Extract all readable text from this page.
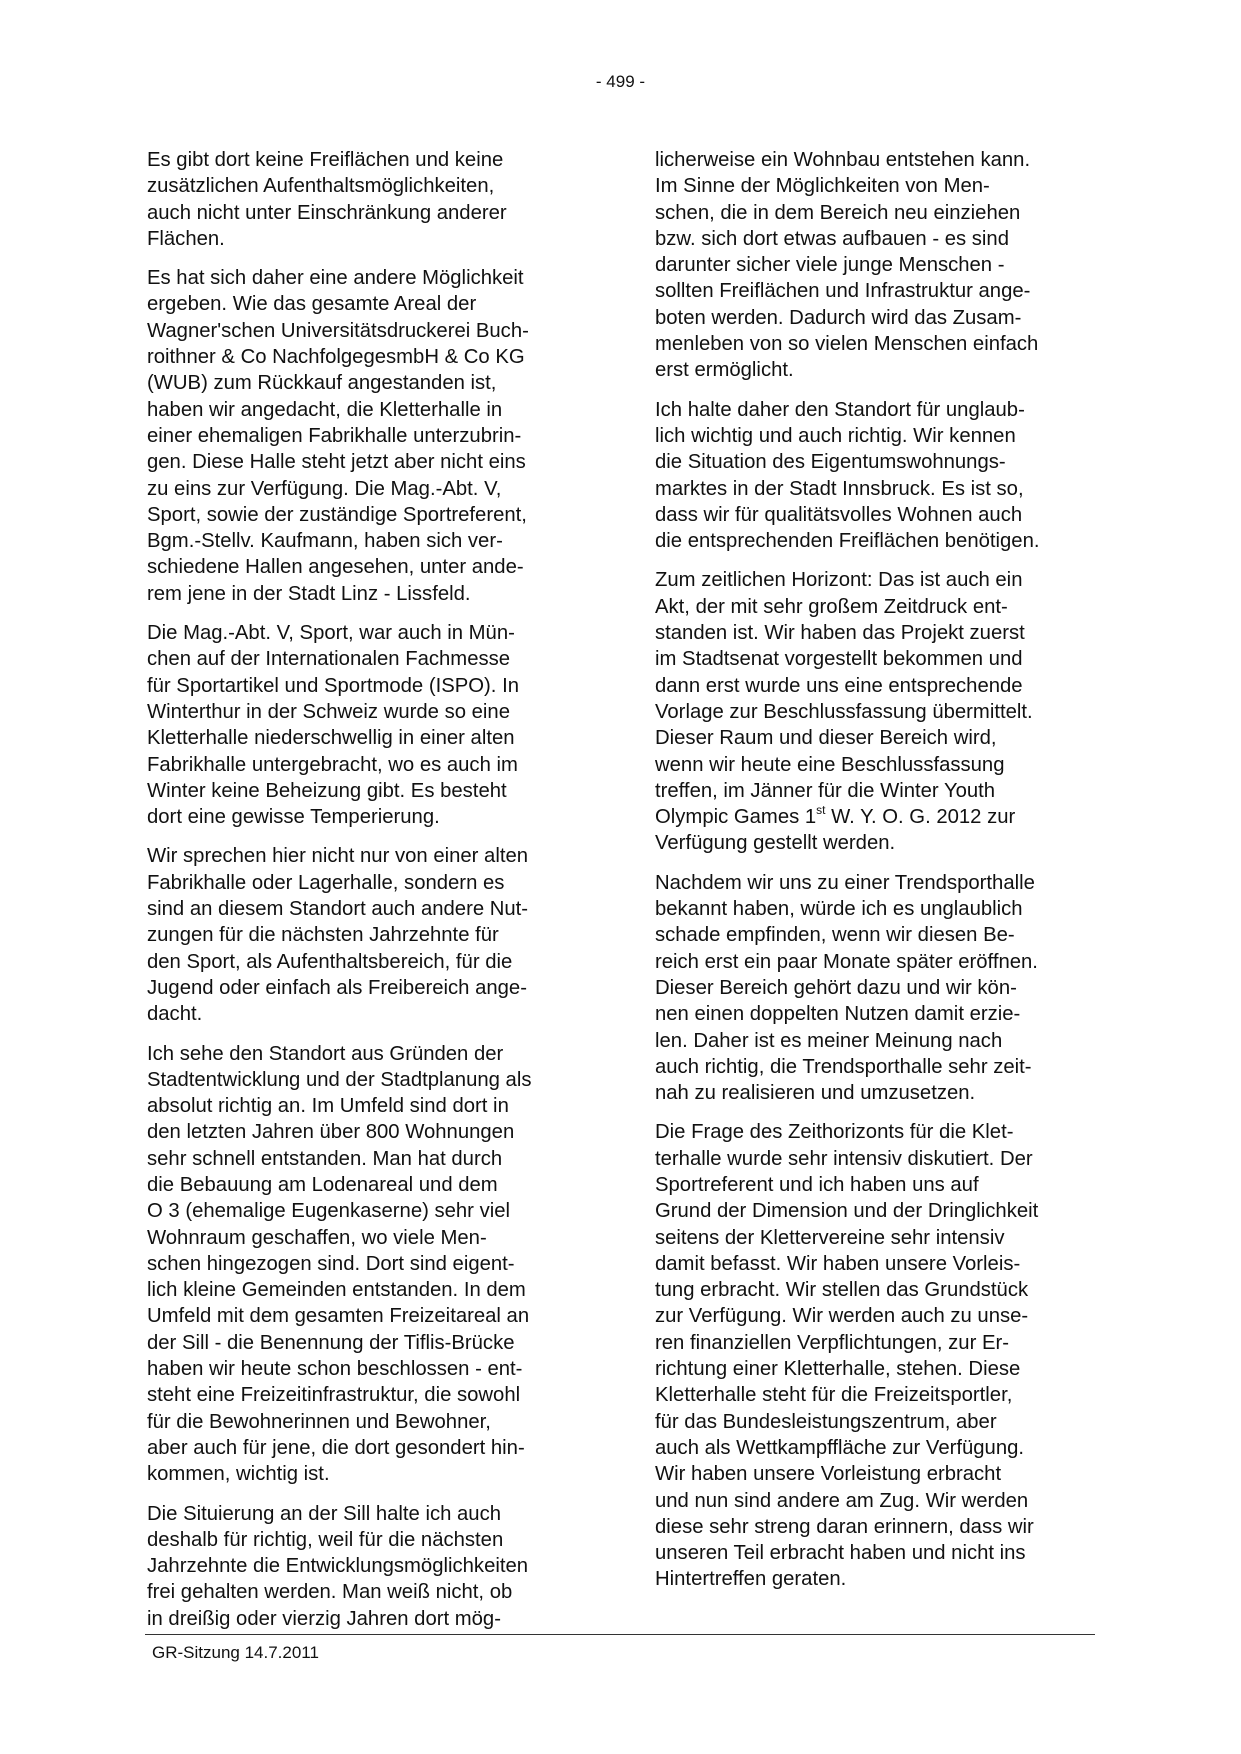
- 499 -

Es gibt dort keine Freiflächen und keine
zusätzlichen Aufenthaltsmöglichkeiten,
auch nicht unter Einschränkung anderer
Flächen.

Es hat sich daher eine andere Möglichkeit
ergeben. Wie das gesamte Areal der
Wagner'schen Universitätsdruckerei Buch-
roithner & Co NachfolgegesmbH & Co KG
(WUB) zum Rückkauf angestanden ist,
haben wir angedacht, die Kletterhalle in
einer ehemaligen Fabrikhalle unterzubrin-
gen. Diese Halle steht jetzt aber nicht eins
zu eins zur Verfügung. Die Mag.-Abt. V,
Sport, sowie der zuständige Sportreferent,
Bgm.-Stellv. Kaufmann, haben sich ver-
schiedene Hallen angesehen, unter ande-
rem jene in der Stadt Linz - Lissfeld.

Die Mag.-Abt. V, Sport, war auch in Mün-
chen auf der Internationalen Fachmesse
für Sportartikel und Sportmode (ISPO). In
Winterthur in der Schweiz wurde so eine
Kletterhalle niederschwellig in einer alten
Fabrikhalle untergebracht, wo es auch im
Winter keine Beheizung gibt. Es besteht
dort eine gewisse Temperierung.

Wir sprechen hier nicht nur von einer alten
Fabrikhalle oder Lagerhalle, sondern es
sind an diesem Standort auch andere Nut-
zungen für die nächsten Jahrzehnte für
den Sport, als Aufenthaltsbereich, für die
Jugend oder einfach als Freibereich ange-
dacht.

Ich sehe den Standort aus Gründen der
Stadtentwicklung und der Stadtplanung als
absolut richtig an. Im Umfeld sind dort in
den letzten Jahren über 800 Wohnungen
sehr schnell entstanden. Man hat durch
die Bebauung am Lodenareal und dem
O 3 (ehemalige Eugenkaserne) sehr viel
Wohnraum geschaffen, wo viele Men-
schen hingezogen sind. Dort sind eigent-
lich kleine Gemeinden entstanden. In dem
Umfeld mit dem gesamten Freizeitareal an
der Sill - die Benennung der Tiflis-Brücke
haben wir heute schon beschlossen - ent-
steht eine Freizeitinfrastruktur, die sowohl
für die Bewohnerinnen und Bewohner,
aber auch für jene, die dort gesondert hin-
kommen, wichtig ist.

Die Situierung an der Sill halte ich auch
deshalb für richtig, weil für die nächsten
Jahrzehnte die Entwicklungsmöglichkeiten
frei gehalten werden. Man weiß nicht, ob
in dreißig oder vierzig Jahren dort mög-

licherweise ein Wohnbau entstehen kann.
Im Sinne der Möglichkeiten von Men-
schen, die in dem Bereich neu einziehen
bzw. sich dort etwas aufbauen - es sind
darunter sicher viele junge Menschen -
sollten Freiflächen und Infrastruktur ange-
boten werden. Dadurch wird das Zusam-
menleben von so vielen Menschen einfach
erst ermöglicht.

Ich halte daher den Standort für unglaub-
lich wichtig und auch richtig. Wir kennen
die Situation des Eigentumswohnungs-
marktes in der Stadt Innsbruck. Es ist so,
dass wir für qualitätsvolles Wohnen auch
die entsprechenden Freiflächen benötigen.

Zum zeitlichen Horizont: Das ist auch ein
Akt, der mit sehr großem Zeitdruck ent-
standen ist. Wir haben das Projekt zuerst
im Stadtsenat vorgestellt bekommen und
dann erst wurde uns eine entsprechende
Vorlage zur Beschlussfassung übermittelt.
Dieser Raum und dieser Bereich wird,
wenn wir heute eine Beschlussfassung
treffen, im Jänner für die Winter Youth
Olympic Games 1st W. Y. O. G. 2012 zur
Verfügung gestellt werden.

Nachdem wir uns zu einer Trendsporthalle
bekannt haben, würde ich es unglaublich
schade empfinden, wenn wir diesen Be-
reich erst ein paar Monate später eröffnen.
Dieser Bereich gehört dazu und wir kön-
nen einen doppelten Nutzen damit erzie-
len. Daher ist es meiner Meinung nach
auch richtig, die Trendsporthalle sehr zeit-
nah zu realisieren und umzusetzen.

Die Frage des Zeithorizonts für die Klet-
terhalle wurde sehr intensiv diskutiert. Der
Sportreferent und ich haben uns auf
Grund der Dimension und der Dringlichkeit
seitens der Klettervereine sehr intensiv
damit befasst. Wir haben unsere Vorleis-
tung erbracht. Wir stellen das Grundstück
zur Verfügung. Wir werden auch zu unse-
ren finanziellen Verpflichtungen, zur Er-
richtung einer Kletterhalle, stehen. Diese
Kletterhalle steht für die Freizeitsportler,
für das Bundesleistungszentrum, aber
auch als Wettkampffläche zur Verfügung.
Wir haben unsere Vorleistung erbracht
und nun sind andere am Zug. Wir werden
diese sehr streng daran erinnern, dass wir
unseren Teil erbracht haben und nicht ins
Hintertreffen geraten.

GR-Sitzung 14.7.2011
